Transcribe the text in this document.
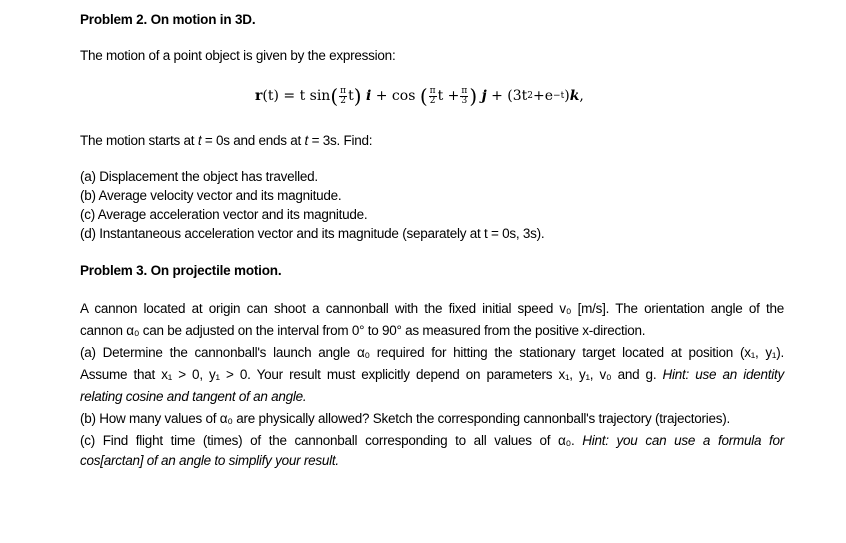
Problem 2. On motion in 3D.
The motion of a point object is given by the expression:
r (t) = t sin ( $\frac{\pi}{2}$ t )
i + cos ( $\frac{\pi}{2}$ $t + \frac{\pi}{3}$ )
j + (3t 2 +e −t ) k ,
The motion starts at t = 0s and ends at t = 3s. Find:
(a) Displacement the object has travelled.
(b) Average velocity vector and its magnitude.
(c) Average acceleration vector and its magnitude.
(d) Instantaneous acceleration vector and its magnitude (separately at t = 0s, 3s).
Problem 3. On projectile motion.
A cannon located at origin can shoot a cannonball with the fixed initial speed v₀ [m/s]. The orientation angle of the
cannon α₀ can be adjusted on the interval from 0° to 90° as measured from the positive x-direction.
(a) Determine the cannonball's launch angle α₀ required for hitting the stationary target located at position (x₁, y₁).
Assume that x₁ > 0, y₁ > 0. Your result must explicitly depend on parameters x₁, y₁, v₀ and g. Hint: use an identity
relating cosine and tangent of an angle.
(b) How many values of α₀ are physically allowed? Sketch the corresponding cannonball's trajectory (trajectories).
(c) Find flight time (times) of the cannonball corresponding to all values of α₀. Hint: you can use a formula for
cos[arctan] of an angle to simplify your result.
